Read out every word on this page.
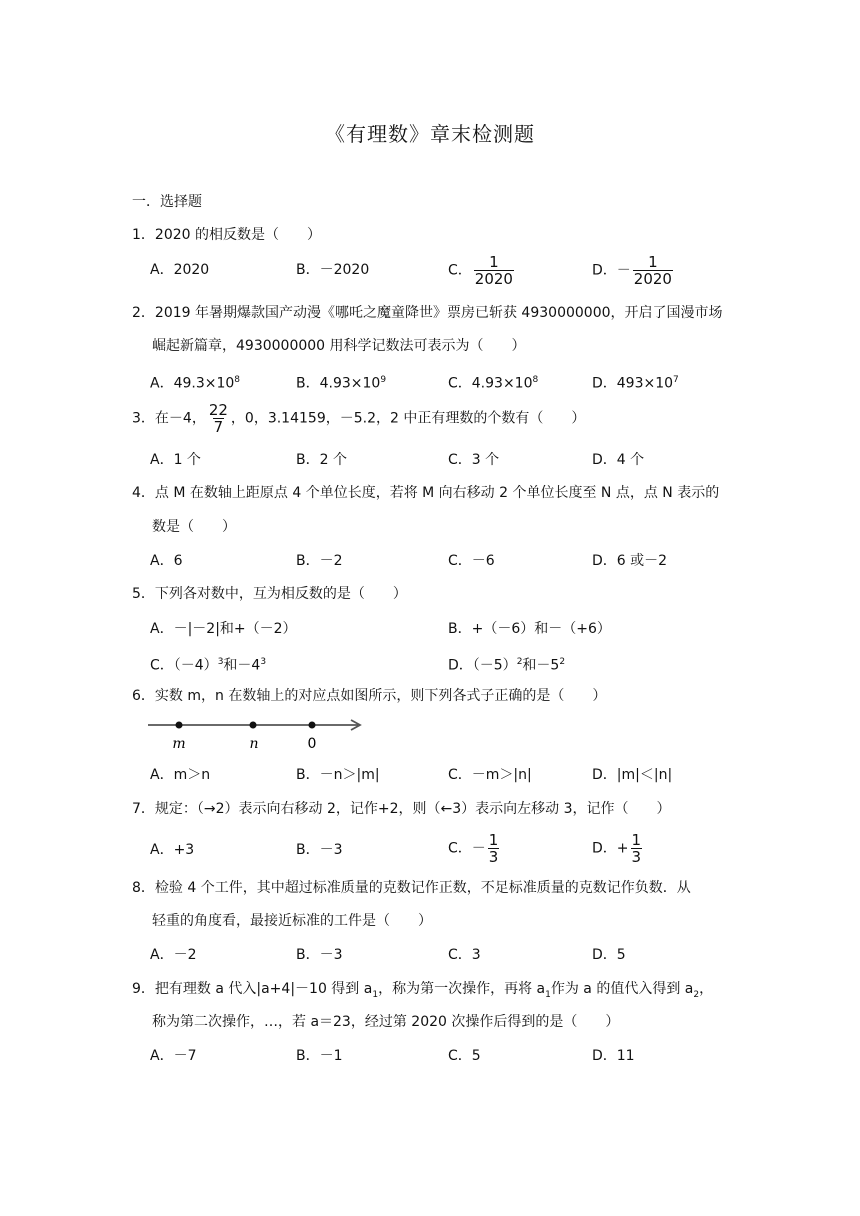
《有理数》章末检测题
一．选择题
1．2020 的相反数是（　　）
A．2020	B．－2020	C． $\frac{1}{2020}$	D．－ $\frac{1}{2020}$
2．2019 年暑期爆款国产动漫《哪吒之魔童降世》票房已斩获 4930000000，开启了国漫市场
崛起新篇章，4930000000 用科学记数法可表示为（　　）
A．$49.3\times 10^8$	B．$4.93\times 10^9$	C．$4.93\times 10^8$	D．$493\times 10^7$
3．在－4， $\frac{22}{7}$ ，0，3.14159，－5.2，2 中正有理数的个数有（　　）
A．1 个	B．2 个	C．3 个	D．4 个
4．点 M 在数轴上距原点 4 个单位长度，若将 M 向右移动 2 个单位长度至 N 点，点 N 表示的
数是（　　）
A．6	B．－2	C．－6	D．6 或－2
5．下列各对数中，互为相反数的是（　　）
A．－|－2|和+（－2）	B．+（－6）和－（+6）
C．$(-4)^3$和$-4^3$	D．$(-5)^2$和$-5^2$
6．实数 m，n 在数轴上的对应点如图所示，则下列各式子正确的是（　　）
m	n	0
A．m＞n	B．－n＞|m|	C．－m＞|n|	D．|m|＜|n|
7．规定：（→2）表示向右移动 2，记作+2，则（←3）表示向左移动 3，记作（　　）
A．+3	B．－3	C．－ $\frac{1}{3}$	D．+ $\frac{1}{3}$
8．检验 4 个工件，其中超过标准质量的克数记作正数，不足标准质量的克数记作负数．从
轻重的角度看，最接近标准的工件是（　　）
A．－2	B．－3	C．3	D．5
9．把有理数 a 代入|a+4|－10 得到 $a_1$，称为第一次操作，再将 $a_1$作为 a 的值代入得到 $a_2$，
称为第二次操作，…，若 a＝23，经过第 2020 次操作后得到的是（　　）
A．－7	B．－1	C．5	D．11
